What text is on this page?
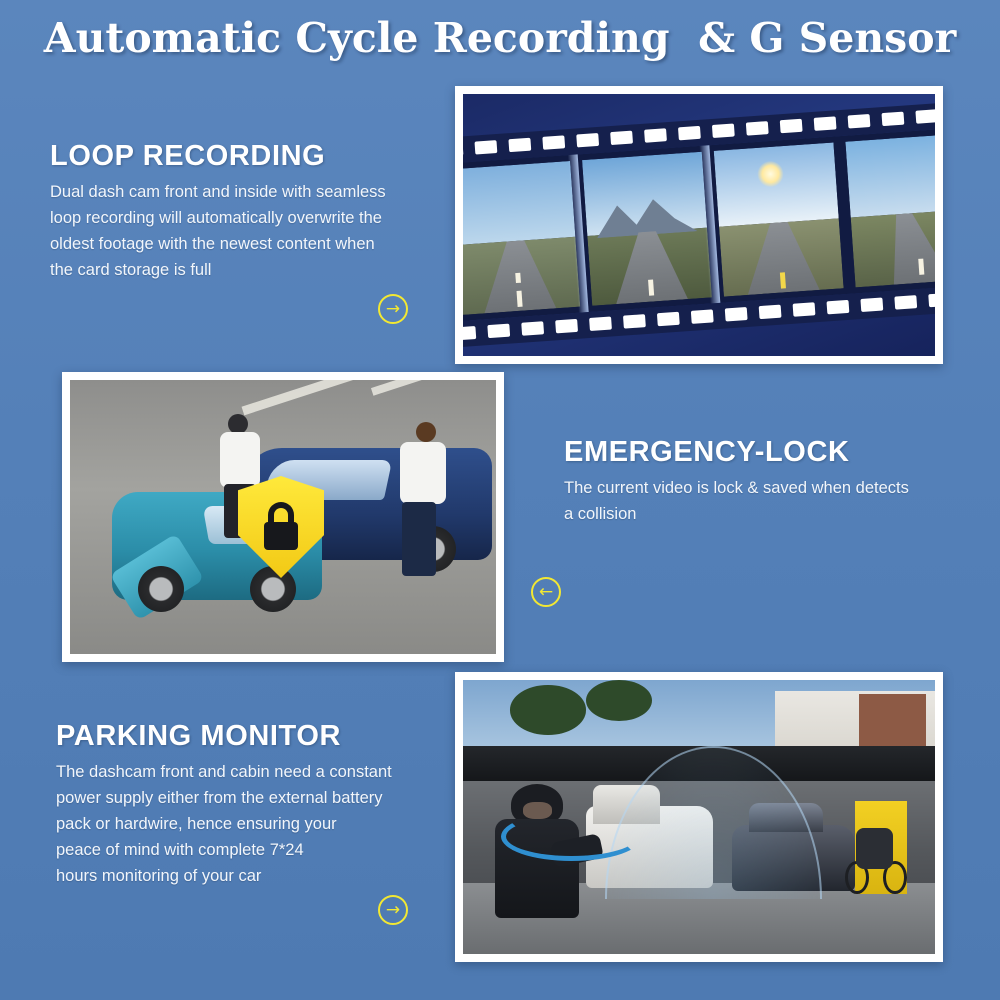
Automatic Cycle Recording  & G Sensor
LOOP RECORDING
Dual dash cam front and inside with seamless
loop recording will automatically overwrite the
oldest footage with the newest content when
the card storage is full
→
EMERGENCY-LOCK
The current video is lock & saved when detects
a collision
←
PARKING MONITOR
The dashcam front and cabin need a constant
power supply either from the external battery
pack or hardwire, hence ensuring your
peace of mind with complete 7*24
hours monitoring of your car
→
